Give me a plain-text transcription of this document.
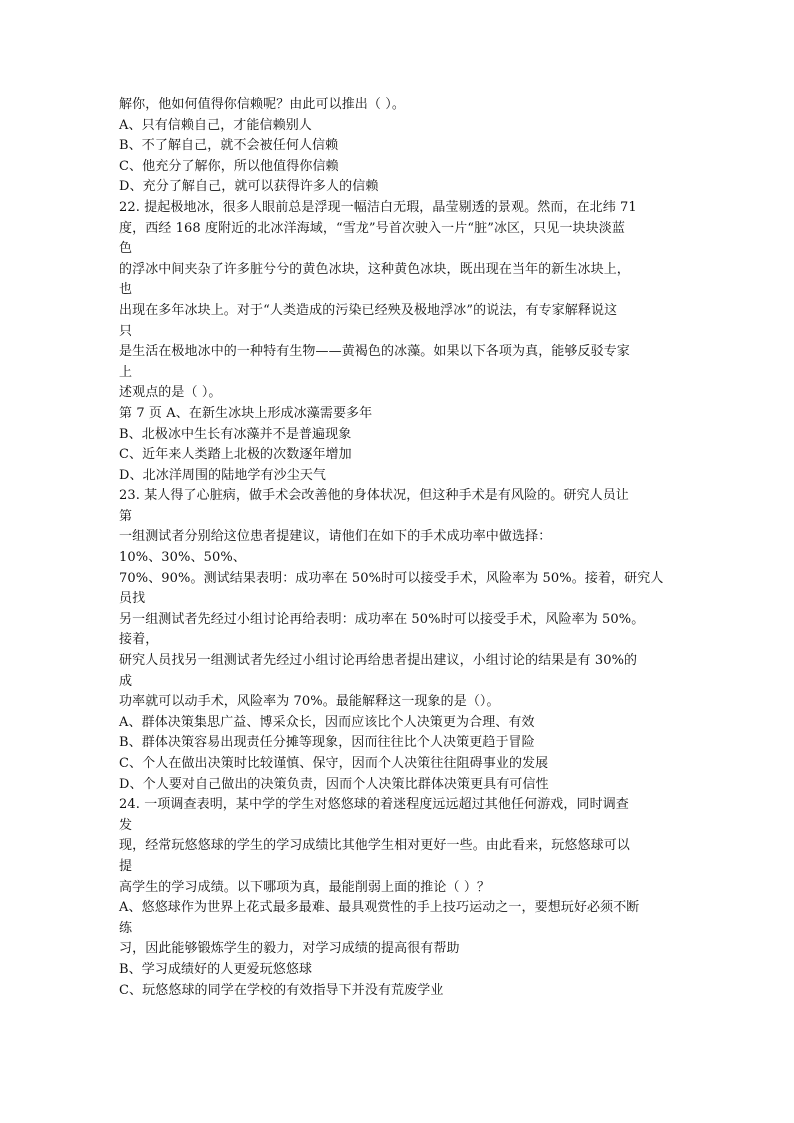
解你，他如何值得你信赖呢？由此可以推出（ ）。
A、只有信赖自己，才能信赖别人
B、不了解自己，就不会被任何人信赖
C、他充分了解你，所以他值得你信赖
D、充分了解自己，就可以获得许多人的信赖
22. 提起极地冰，很多人眼前总是浮现一幅洁白无瑕，晶莹剔透的景观。然而，在北纬 71
度，西经 168 度附近的北冰洋海域，“雪龙”号首次驶入一片“脏”冰区，只见一块块淡蓝
色
的浮冰中间夹杂了许多脏兮兮的黄色冰块，这种黄色冰块，既出现在当年的新生冰块上，
也
出现在多年冰块上。对于“人类造成的污染已经殃及极地浮冰”的说法，有专家解释说这
只
是生活在极地冰中的一种特有生物——黄褐色的冰藻。如果以下各项为真，能够反驳专家
上
述观点的是（ ）。
第 7 页 A、在新生冰块上形成冰藻需要多年
B、北极冰中生长有冰藻并不是普遍现象
C、近年来人类踏上北极的次数逐年增加
D、北冰洋周围的陆地学有沙尘天气
23. 某人得了心脏病，做手术会改善他的身体状况，但这种手术是有风险的。研究人员让
第
一组测试者分别给这位患者提建议，请他们在如下的手术成功率中做选择：
10%、30%、50%、
70%、90%。测试结果表明：成功率在 50%时可以接受手术，风险率为 50%。接着，研究人
员找
另一组测试者先经过小组讨论再给表明：成功率在 50%时可以接受手术，风险率为 50%。
接着，
研究人员找另一组测试者先经过小组讨论再给患者提出建议，小组讨论的结果是有 30%的
成
功率就可以动手术，风险率为 70%。最能解释这一现象的是（）。
A、群体决策集思广益、博采众长，因而应该比个人决策更为合理、有效
B、群体决策容易出现责任分摊等现象，因而往往比个人决策更趋于冒险
C、个人在做出决策时比较谨慎、保守，因而个人决策往往阻碍事业的发展
D、个人要对自己做出的决策负责，因而个人决策比群体决策更具有可信性
24. 一项调查表明，某中学的学生对悠悠球的着迷程度远远超过其他任何游戏，同时调查
发
现，经常玩悠悠球的学生的学习成绩比其他学生相对更好一些。由此看来，玩悠悠球可以
提
高学生的学习成绩。以下哪项为真，最能削弱上面的推论（ ）？
A、悠悠球作为世界上花式最多最难、最具观赏性的手上技巧运动之一，要想玩好必须不断
练
习，因此能够锻炼学生的毅力，对学习成绩的提高很有帮助
B、学习成绩好的人更爱玩悠悠球
C、玩悠悠球的同学在学校的有效指导下并没有荒废学业
